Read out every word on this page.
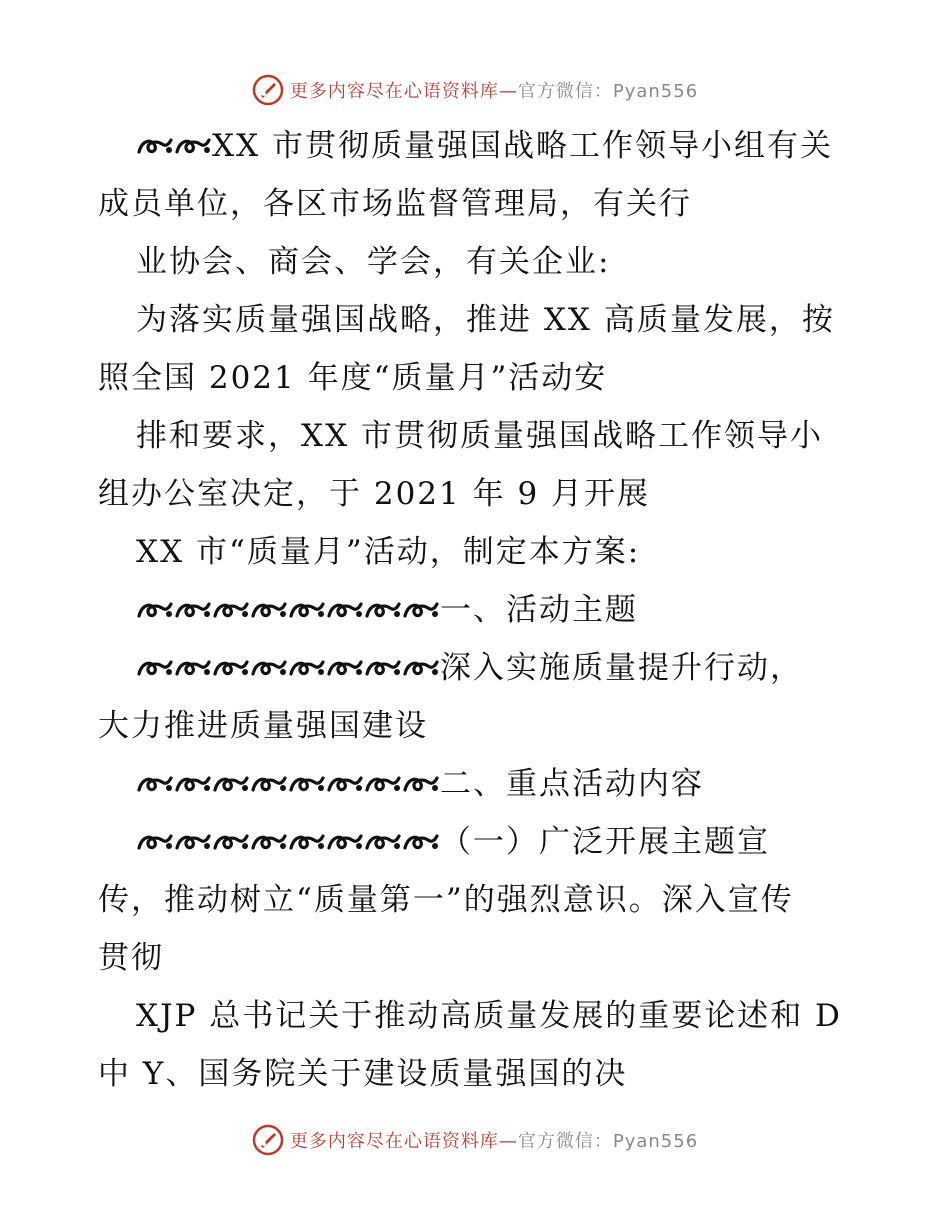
更多内容尽在心语资料库—官方微信：Pyan556

XX 市贯彻质量强国战略工作领导小组有关

成员单位，各区市场监督管理局，有关行

业协会、商会、学会，有关企业:

为落实质量强国战略，推进 XX 高质量发展，按

照全国 2021 年度“质量月”活动安

排和要求，XX 市贯彻质量强国战略工作领导小

组办公室决定，于 2021 年 9 月开展

XX 市“质量月”活动，制定本方案:

一、活动主题

深入实施质量提升行动，

大力推进质量强国建设

二、重点活动内容

（一）广泛开展主题宣

传，推动树立“质量第一”的强烈意识。深入宣传

贯彻

XJP 总书记关于推动高质量发展的重要论述和 D

中 Y、国务院关于建设质量强国的决

更多内容尽在心语资料库—官方微信：Pyan556
